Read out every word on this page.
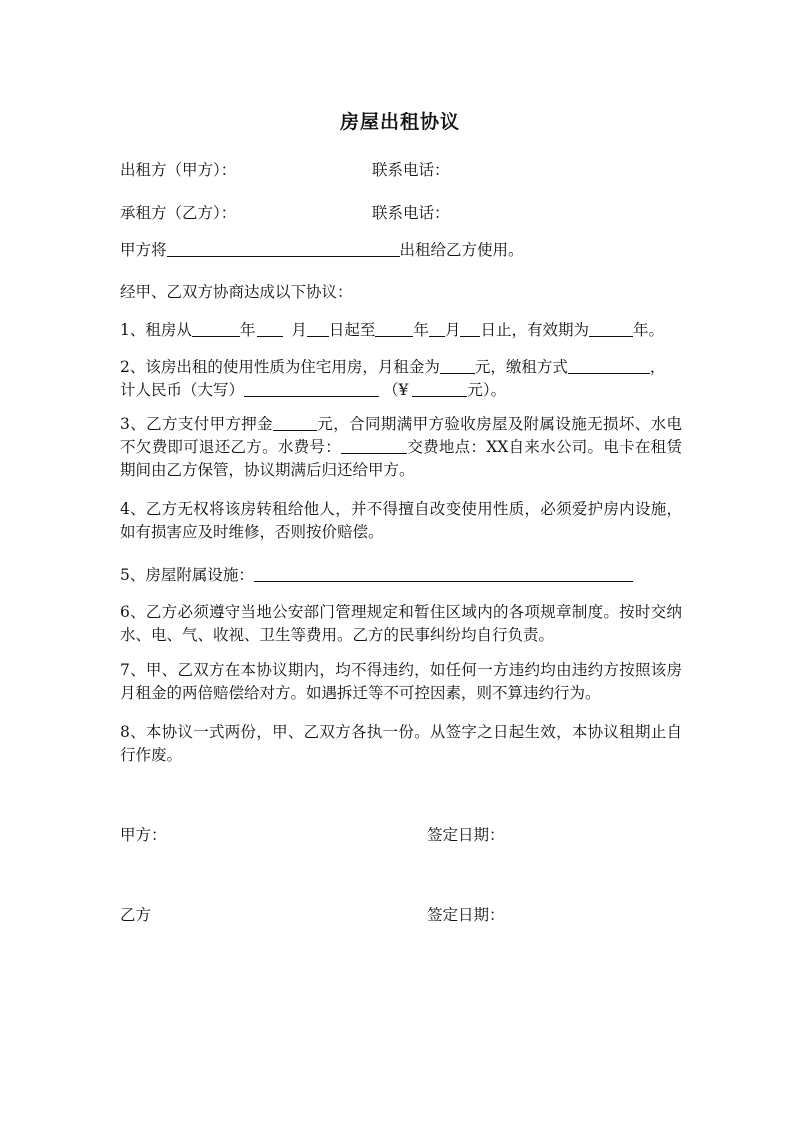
房屋出租协议
出租方（甲方）：	联系电话：
承租方（乙方）：	联系电话：
甲方将	出租给乙方使用。
经甲、乙双方协商达成以下协议：
1、租房从	年 月 日起至 年 月 日止，有效期为	年。
2、该房出租的使用性质为住宅用房，月租金为 元，缴租方式	，
计人民币（大写）	（¥	元）。
3、乙方支付甲方押金	元，合同期满甲方验收房屋及附属设施无损坏、水电不欠费即可退还乙方。水费号：	交费地点：XX自来水公司。电卡在租赁期间由乙方保管，协议期满后归还给甲方。
4、乙方无权将该房转租给他人，并不得擅自改变使用性质，必须爱护房内设施，如有损害应及时维修，否则按价赔偿。
5、房屋附属设施：
6、乙方必须遵守当地公安部门管理规定和暂住区域内的各项规章制度。按时交纳水、电、气、收视、卫生等费用。乙方的民事纠纷均自行负责。
7、甲、乙双方在本协议期内，均不得违约，如任何一方违约均由违约方按照该房月租金的两倍赔偿给对方。如遇拆迁等不可控因素，则不算违约行为。
8、本协议一式两份，甲、乙双方各执一份。从签字之日起生效，本协议租期止自行作废。
甲方：	签定日期：
乙方	签定日期：
